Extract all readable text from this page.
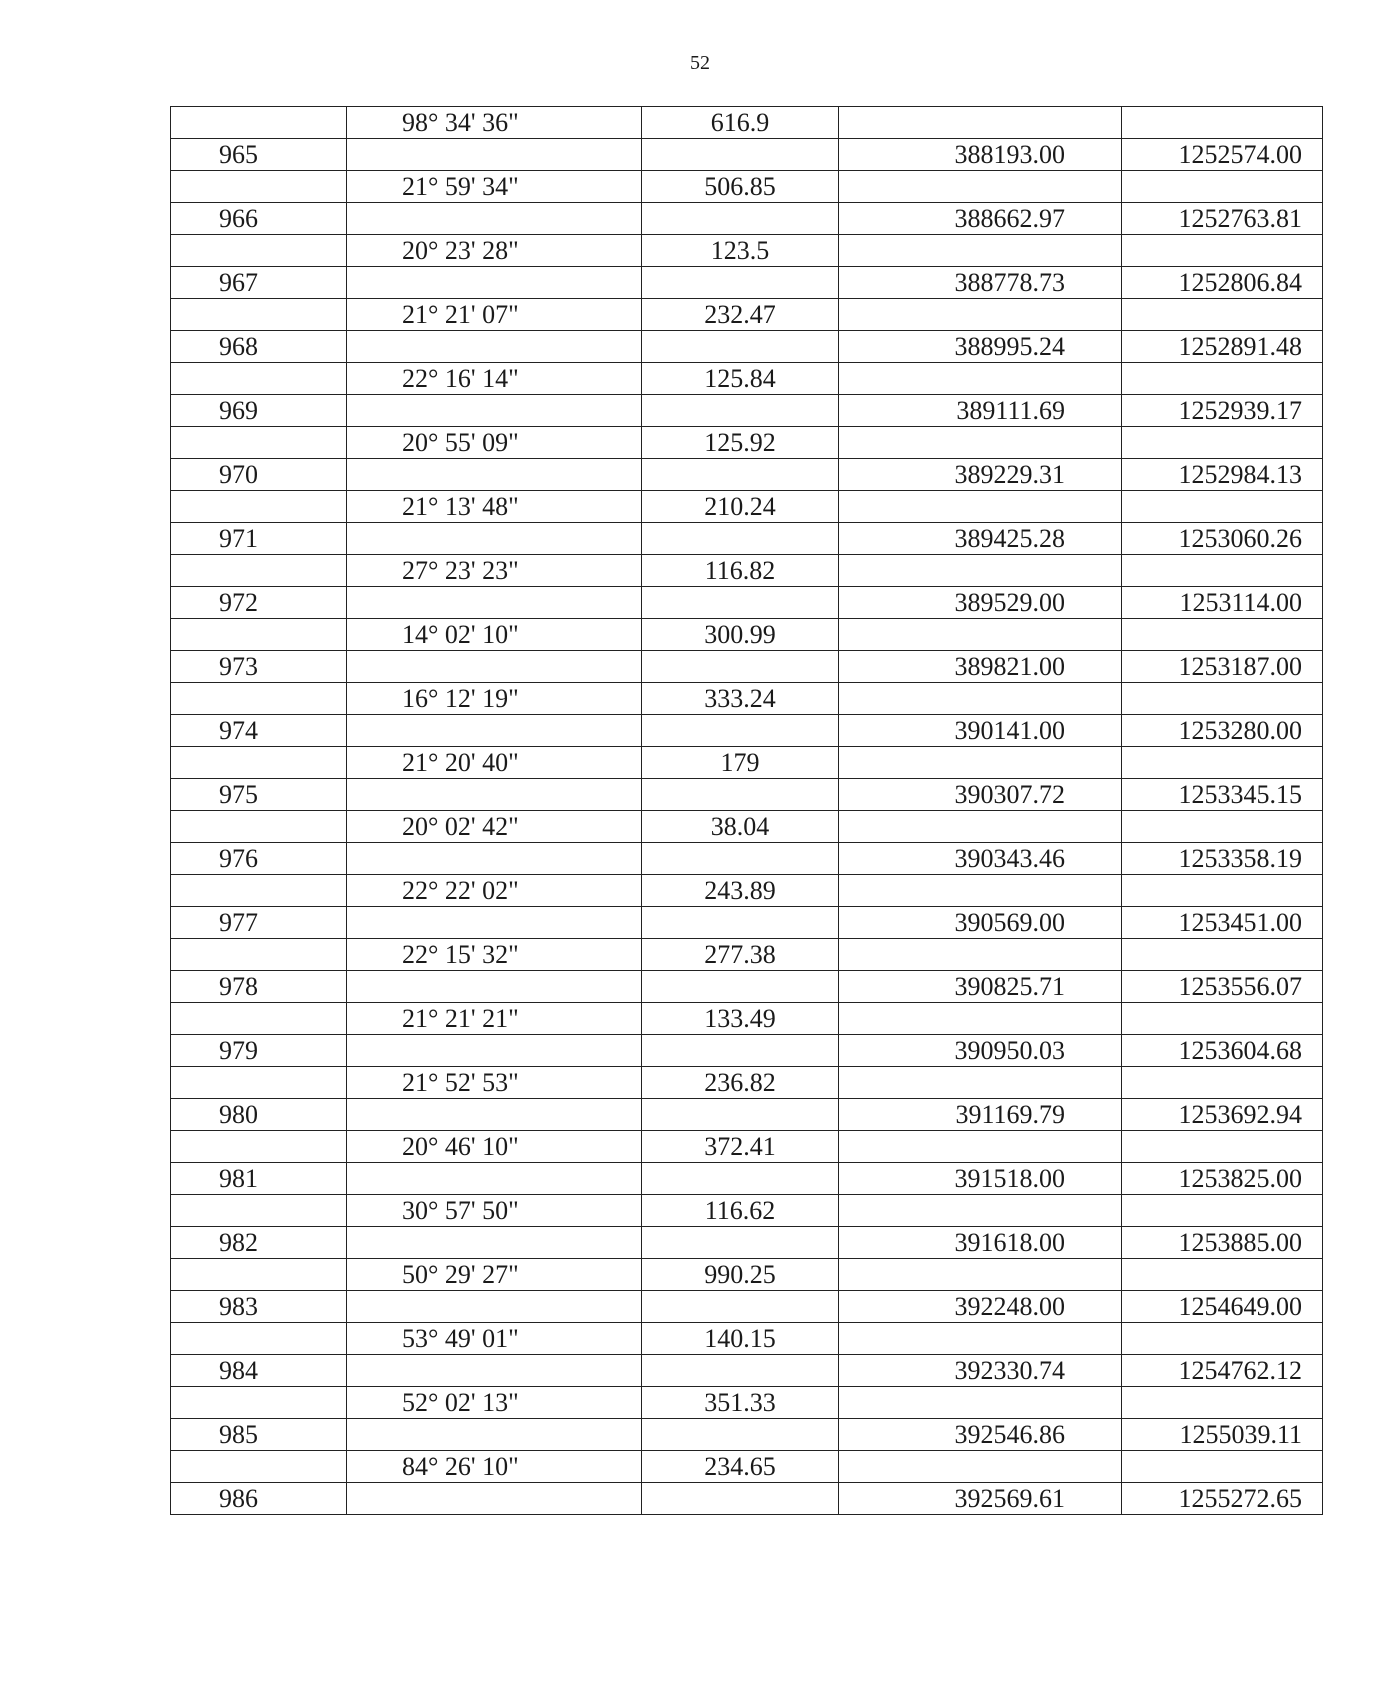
52
	98° 34' 36"	616.9		
965			388193.00	1252574.00
	21° 59' 34"	506.85		
966			388662.97	1252763.81
	20° 23' 28"	123.5		
967			388778.73	1252806.84
	21° 21' 07"	232.47		
968			388995.24	1252891.48
	22° 16' 14"	125.84		
969			389111.69	1252939.17
	20° 55' 09"	125.92		
970			389229.31	1252984.13
	21° 13' 48"	210.24		
971			389425.28	1253060.26
	27° 23' 23"	116.82		
972			389529.00	1253114.00
	14° 02' 10"	300.99		
973			389821.00	1253187.00
	16° 12' 19"	333.24		
974			390141.00	1253280.00
	21° 20' 40"	179		
975			390307.72	1253345.15
	20° 02' 42"	38.04		
976			390343.46	1253358.19
	22° 22' 02"	243.89		
977			390569.00	1253451.00
	22° 15' 32"	277.38		
978			390825.71	1253556.07
	21° 21' 21"	133.49		
979			390950.03	1253604.68
	21° 52' 53"	236.82		
980			391169.79	1253692.94
	20° 46' 10"	372.41		
981			391518.00	1253825.00
	30° 57' 50"	116.62		
982			391618.00	1253885.00
	50° 29' 27"	990.25		
983			392248.00	1254649.00
	53° 49' 01"	140.15		
984			392330.74	1254762.12
	52° 02' 13"	351.33		
985			392546.86	1255039.11
	84° 26' 10"	234.65		
986			392569.61	1255272.65
